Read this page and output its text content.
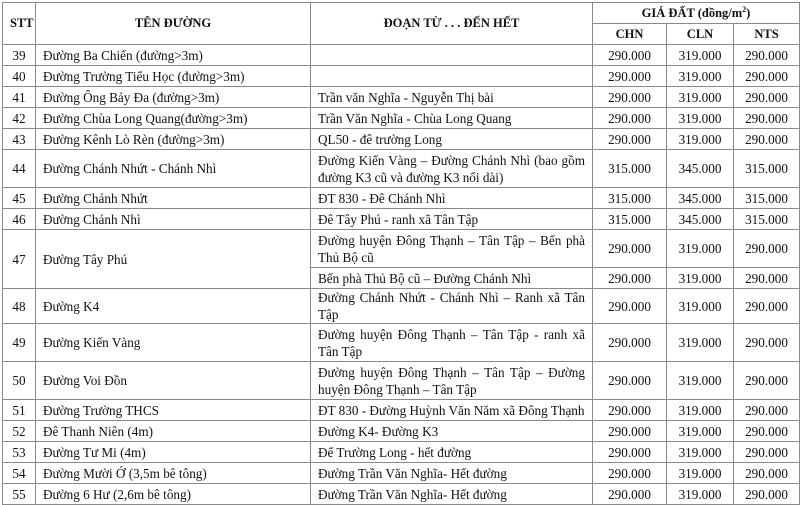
STT	TÊN ĐƯỜNG	ĐOẠN TỪ . . . ĐẾN HẾT	GIÁ ĐẤT $(đồng/m^2)$		
			CHN	CLN	NTS
39	Đường Ba Chiến (đường>3m)		290.000	319.000	290.000
40	Đường Trường Tiểu Học (đường>3m)		290.000	319.000	290.000
41	Đường Ông Bảy Đa (đường>3m)	Trần văn Nghĩa - Nguyễn Thị bài	290.000	319.000	290.000
42	Đường Chùa Long Quang(đường>3m)	Trần Văn Nghĩa - Chùa Long Quang	290.000	319.000	290.000
43	Đường Kênh Lò Rèn (đường>3m)	QL50 - đê trường Long	290.000	319.000	290.000
44	Đường Chánh Nhứt - Chánh Nhì	Đường Kiến Vàng – Đường Chánh Nhì (bao gồm đường K3 cũ và đường K3 nối dài)	315.000	345.000	315.000
45	Đường Chánh Nhứt	ĐT 830 - Đê Chánh Nhì	315.000	345.000	315.000
46	Đường Chánh Nhì	Đê Tây Phú - ranh xã Tân Tập	315.000	345.000	315.000
47	Đường Tây Phú	Đường huyện Đông Thạnh – Tân Tập – Bến phà Thủ Bộ cũ	290.000	319.000	290.000
		Bến phà Thủ Bộ cũ – Đường Chánh Nhì	290.000	319.000	290.000
48	Đường K4	Đường Chánh Nhứt - Chánh Nhì – Ranh xã Tân Tập	290.000	319.000	290.000
49	Đường Kiến Vàng	Đường huyện Đông Thạnh – Tân Tập - ranh xã Tân Tập	290.000	319.000	290.000
50	Đường Voi Đồn	Đường huyện Đông Thạnh – Tân Tập – Đường huyện Đông Thạnh – Tân Tập	290.000	319.000	290.000
51	Đường Trường THCS	ĐT 830 - Đường Huỳnh Văn Năm xã Đông Thạnh	290.000	319.000	290.000
52	Đê Thanh Niên (4m)	Đường K4- Đường K3	290.000	319.000	290.000
53	Đường Tư Mi (4m)	Để Trường Long - hết đường	290.000	319.000	290.000
54	Đường Mười Ớ (3,5m bê tông)	Đường Trần Văn Nghĩa- Hết đường	290.000	319.000	290.000
55	Đường 6 Hư (2,6m bê tông)	Đường Trần Văn Nghĩa- Hết đường	290.000	319.000	290.000
